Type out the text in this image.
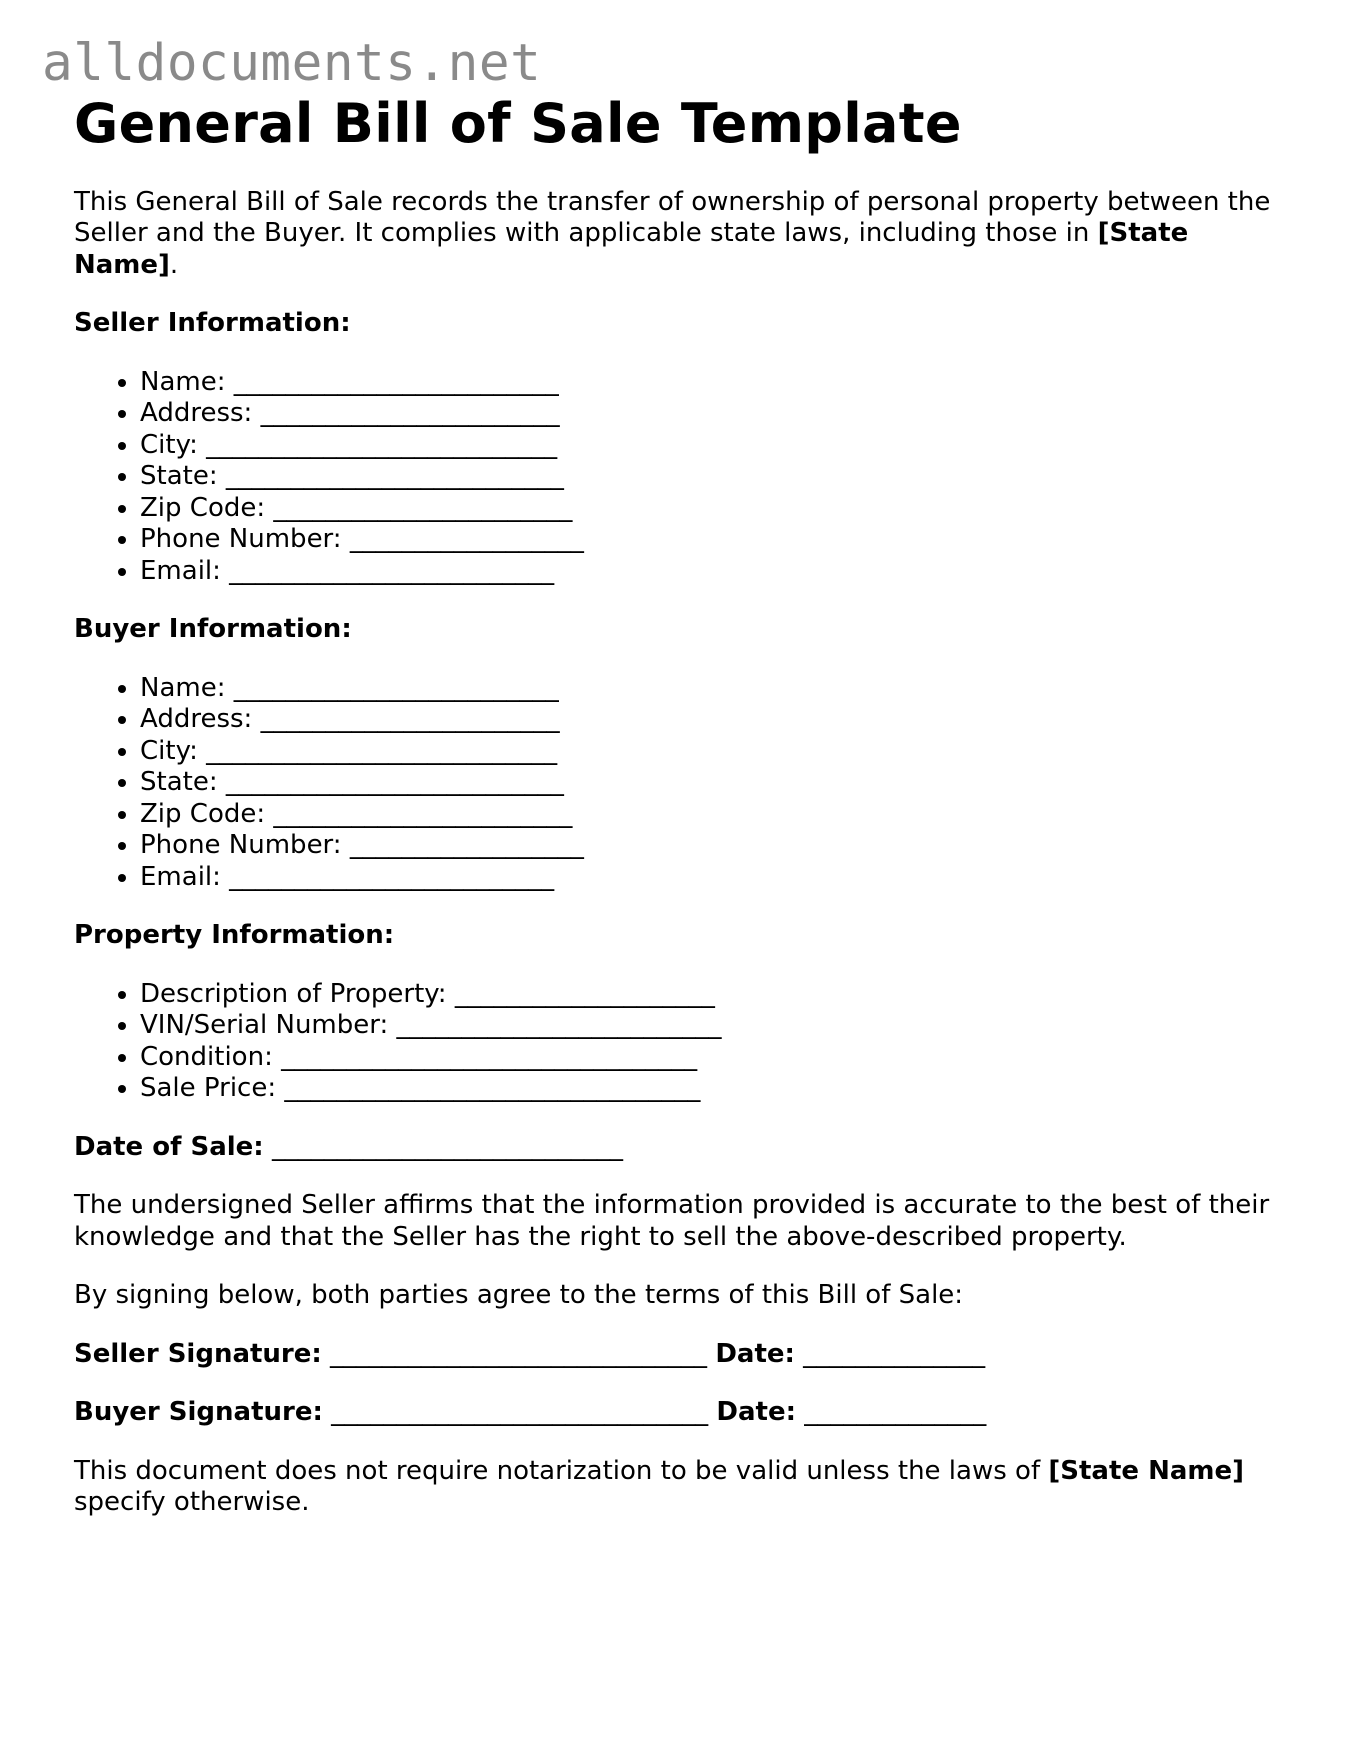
alldocuments.net
General Bill of Sale Template

This General Bill of Sale records the transfer of ownership of personal property between the Seller and the Buyer. It complies with applicable state laws, including those in [State Name].

Seller Information:

• Name: _________________________
• Address: _______________________
• City: ___________________________
• State: __________________________
• Zip Code: _______________________
• Phone Number: __________________
• Email: _________________________

Buyer Information:

• Name: _________________________
• Address: _______________________
• City: ___________________________
• State: __________________________
• Zip Code: _______________________
• Phone Number: __________________
• Email: _________________________

Property Information:

• Description of Property: ____________________
• VIN/Serial Number: _________________________
• Condition: ________________________________
• Sale Price: ________________________________

Date of Sale: ___________________________

The undersigned Seller affirms that the information provided is accurate to the best of their knowledge and that the Seller has the right to sell the above-described property.

By signing below, both parties agree to the terms of this Bill of Sale:

Seller Signature: _____________________________ Date: ______________

Buyer Signature: _____________________________ Date: ______________

This document does not require notarization to be valid unless the laws of [State Name] specify otherwise.
